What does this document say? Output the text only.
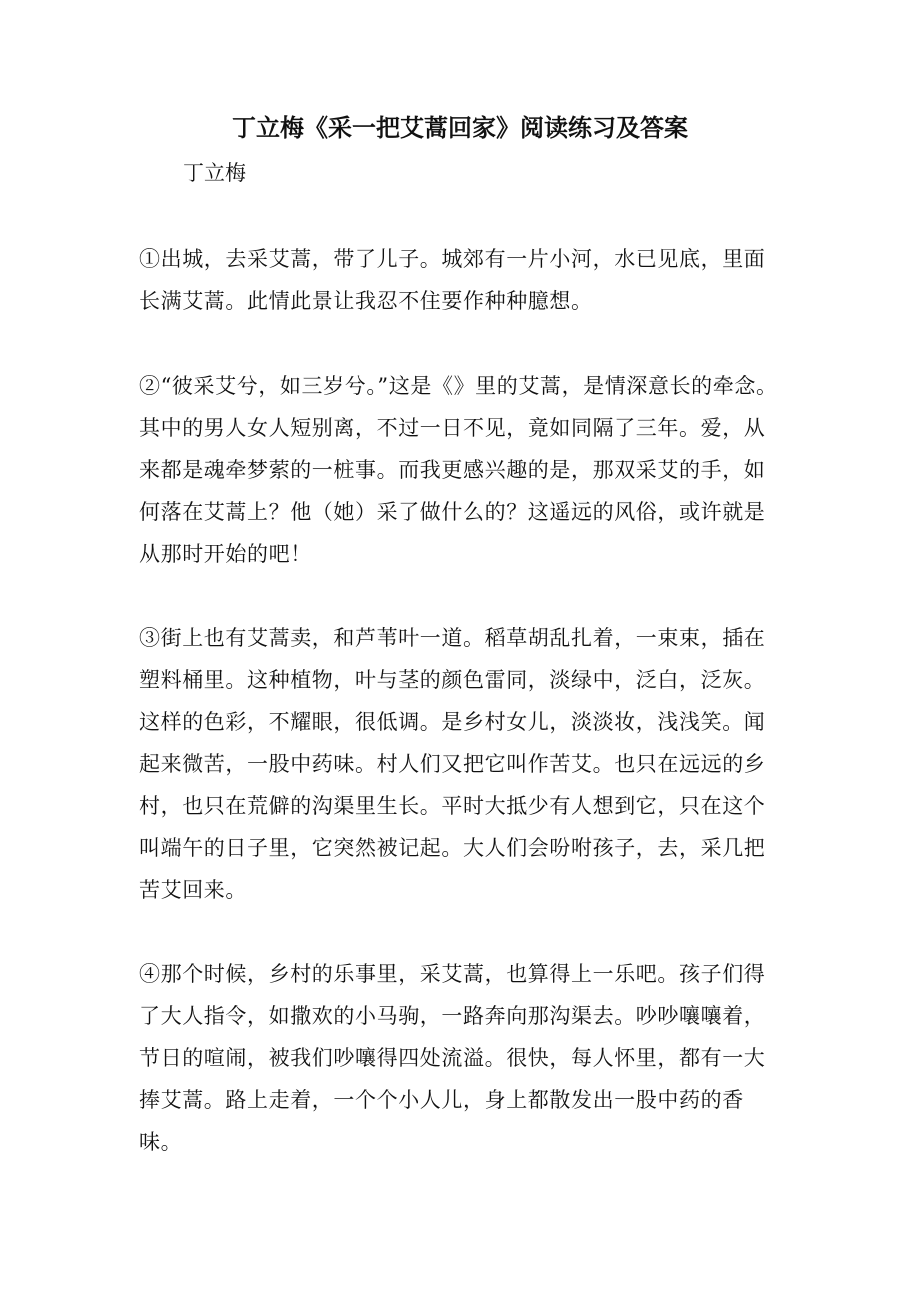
丁立梅《采一把艾蒿回家》阅读练习及答案
丁立梅

①出城，去采艾蒿，带了儿子。城郊有一片小河，水已见底，里面长满艾蒿。此情此景让我忍不住要作种种臆想。

②“彼采艾兮，如三岁兮。”这是《》里的艾蒿，是情深意长的牵念。其中的男人女人短别离，不过一日不见，竟如同隔了三年。爱，从来都是魂牵梦萦的一桩事。而我更感兴趣的是，那双采艾的手，如何落在艾蒿上？他（她）采了做什么的？这遥远的风俗，或许就是从那时开始的吧！

③街上也有艾蒿卖，和芦苇叶一道。稻草胡乱扎着，一束束，插在塑料桶里。这种植物，叶与茎的颜色雷同，淡绿中，泛白，泛灰。这样的色彩，不耀眼，很低调。是乡村女儿，淡淡妆，浅浅笑。闻起来微苦，一股中药味。村人们又把它叫作苦艾。也只在远远的乡村，也只在荒僻的沟渠里生长。平时大抵少有人想到它，只在这个叫端午的日子里，它突然被记起。大人们会吩咐孩子，去，采几把苦艾回来。

④那个时候，乡村的乐事里，采艾蒿，也算得上一乐吧。孩子们得了大人指令，如撒欢的小马驹，一路奔向那沟渠去。吵吵嚷嚷着，节日的喧闹，被我们吵嚷得四处流溢。很快，每人怀里，都有一大捧艾蒿。路上走着，一个个小人儿，身上都散发出一股中药的香味。
